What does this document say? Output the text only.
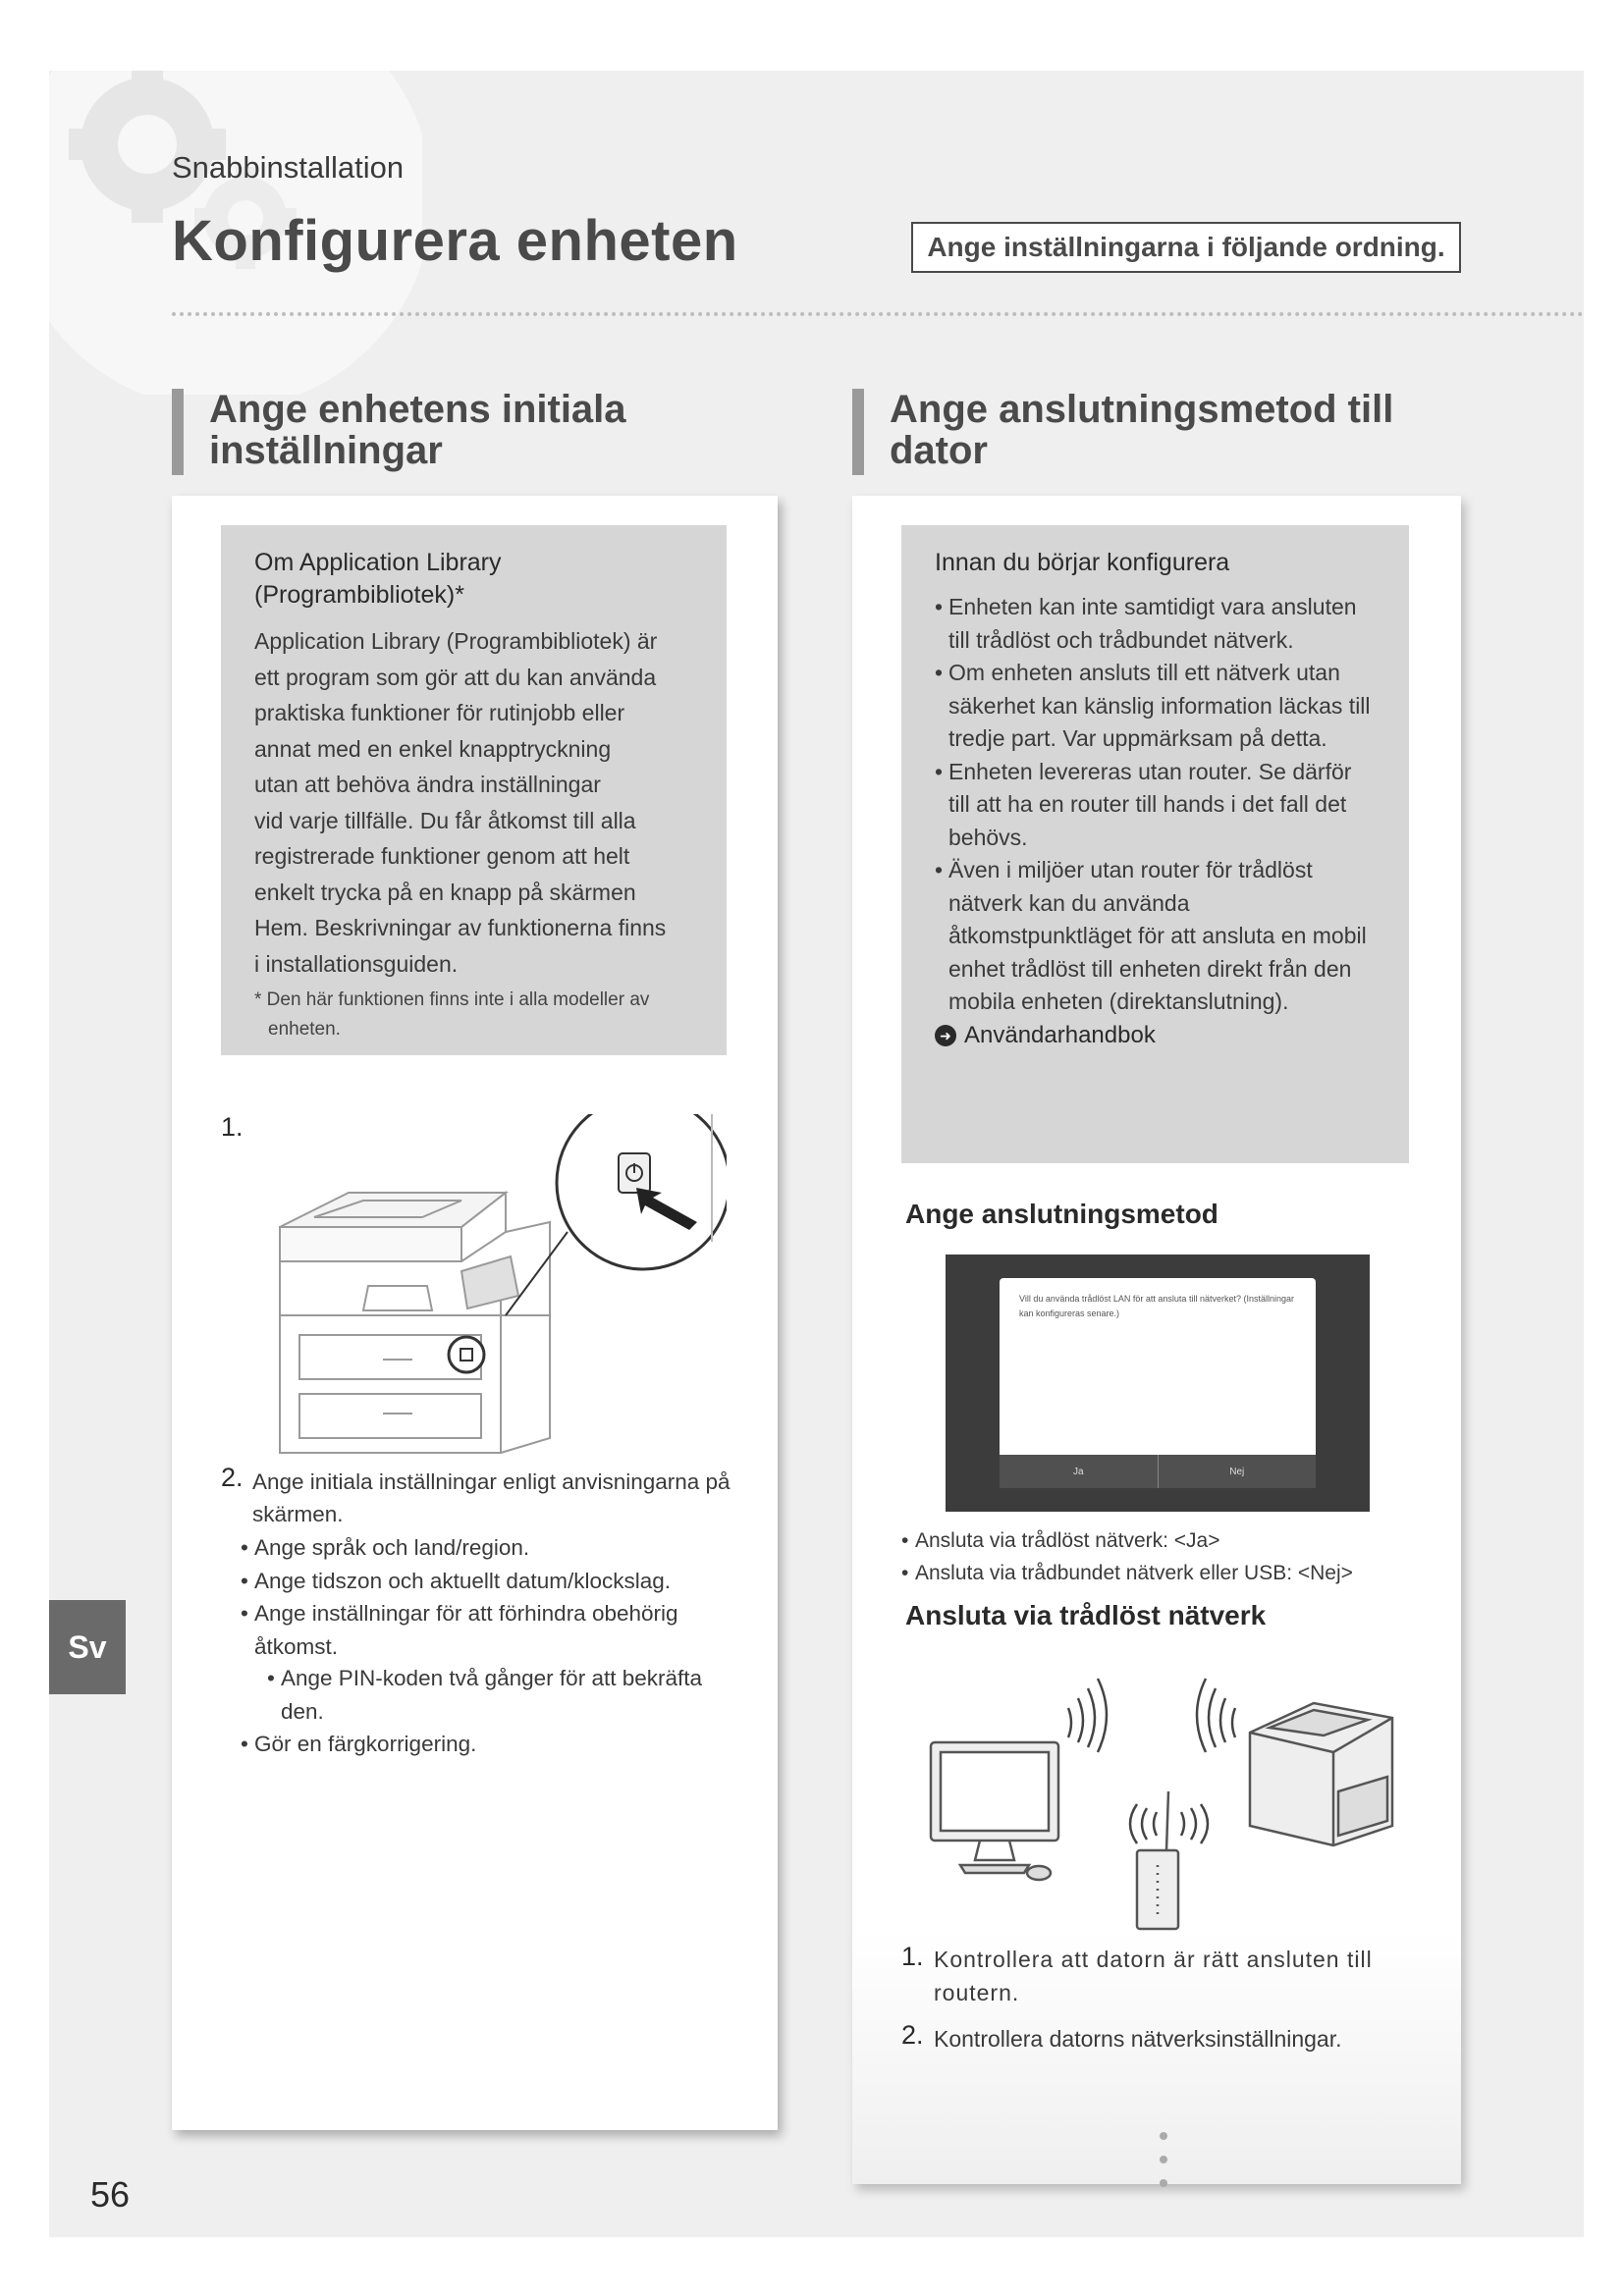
Snabbinstallation
Konfigurera enheten	Ange inställningarna i följande ordning.
Ange enhetens initiala
inställningar
Ange anslutningsmetod till
dator
Om Application Library
(Programbibliotek)*
Application Library (Programbibliotek) är
ett program som gör att du kan använda
praktiska funktioner för rutinjobb eller
annat med en enkel knapptryckning
utan att behöva ändra inställningar
vid varje tillfälle. Du får åtkomst till alla
registrerade funktioner genom att helt
enkelt trycka på en knapp på skärmen
Hem. Beskrivningar av funktionerna finns
i installationsguiden.
* Den här funktionen finns inte i alla modeller av enheten.
1.
2. Ange initiala inställningar enligt anvisningarna på skärmen.
• Ange språk och land/region.
• Ange tidszon och aktuellt datum/klockslag.
• Ange inställningar för att förhindra obehörig åtkomst.
• Ange PIN-koden två gånger för att bekräfta den.
• Gör en färgkorrigering.
Innan du börjar konfigurera
• Enheten kan inte samtidigt vara ansluten till trådlöst och trådbundet nätverk.
• Om enheten ansluts till ett nätverk utan säkerhet kan känslig information läckas till tredje part. Var uppmärksam på detta.
• Enheten levereras utan router. Se därför till att ha en router till hands i det fall det behövs.
• Även i miljöer utan router för trådlöst nätverk kan du använda åtkomstpunktläget för att ansluta en mobil enhet trådlöst till enheten direkt från den mobila enheten (direktanslutning).
➜ Användarhandbok
Ange anslutningsmetod
Vill du använda trådlöst LAN för att ansluta till nätverket? (Inställningar kan konfigureras senare.)
Ja	Nej
• Ansluta via trådlöst nätverk: <Ja>
• Ansluta via trådbundet nätverk eller USB: <Nej>
Ansluta via trådlöst nätverk
1. Kontrollera att datorn är rätt ansluten till routern.
2. Kontrollera datorns nätverksinställningar.
Sv
56
